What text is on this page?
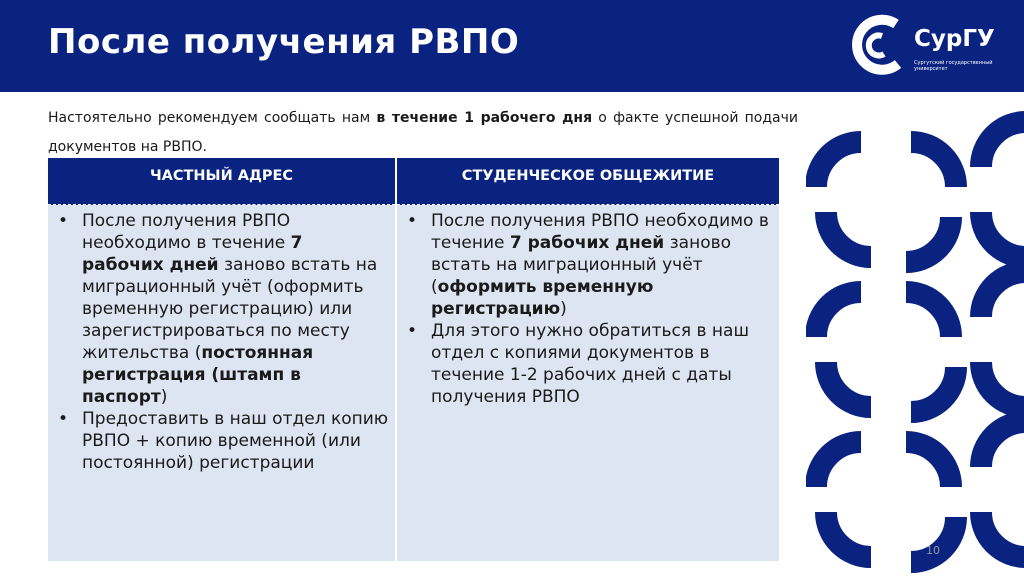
После получения РВПО	СурГУ
Сургутский государственный университет
Настоятельно рекомендуем сообщать нам в течение 1 рабочего дня о факте успешной подачи документов на РВПО.
ЧАСТНЫЙ АДРЕС	СТУДЕНЧЕСКОЕ ОБЩЕЖИТИЕ
• После получения РВПО необходимо в течение 7 рабочих дней заново встать на миграционный учёт (оформить временную регистрацию) или зарегистрироваться по месту жительства (постоянная регистрация (штамп в паспорт)
• Предоставить в наш отдел копию РВПО + копию временной (или постоянной) регистрации
• После получения РВПО необходимо в течение 7 рабочих дней заново встать на миграционный учёт (оформить временную регистрацию)
• Для этого нужно обратиться в наш отдел с копиями документов в течение 1-2 рабочих дней с даты получения РВПО
10
